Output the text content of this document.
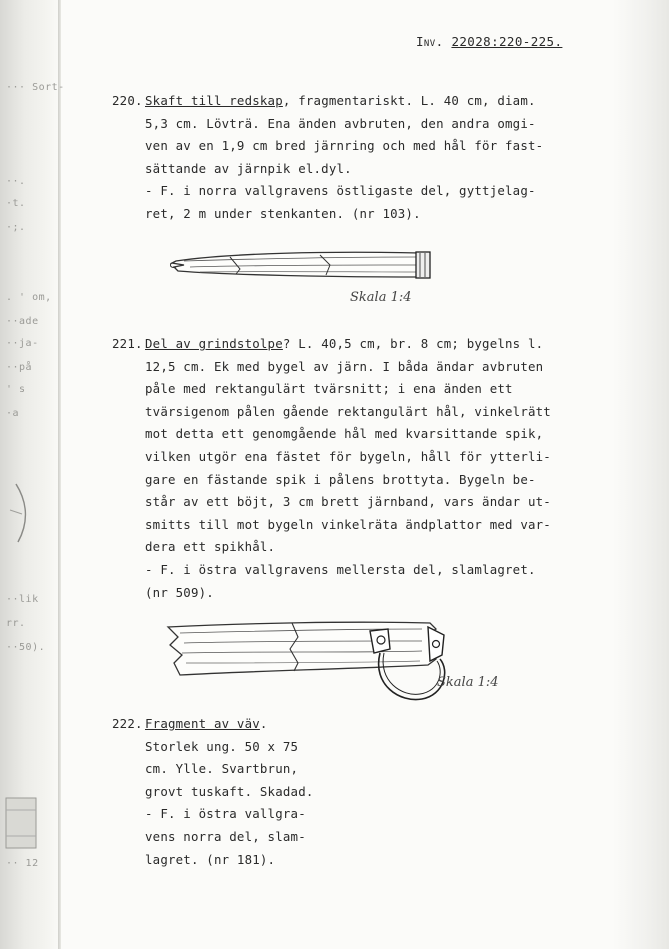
··· Sort-
··.
·t.
·;.
. ' om,
··ade
··ja-
··på
' s
·a
··lik
rr.
··50).
·· 12
Inv. 22028:220-225.
220. Skaft till redskap, fragmentariskt. L. 40 cm, diam.
5,3 cm. Lövträ. Ena änden avbruten, den andra omgi-
ven av en 1,9 cm bred järnring och med hål för fast-
sättande av järnpik el.dyl.
- F. i norra vallgravens östligaste del, gyttjelag-
ret, 2 m under stenkanten. (nr 103).
Skala 1:4
221. Del av grindstolpe? L. 40,5 cm, br. 8 cm; bygelns l.
12,5 cm. Ek med bygel av järn. I båda ändar avbruten
påle med rektangulärt tvärsnitt; i ena änden ett
tvärsigenom pålen gående rektangulärt hål, vinkelrätt
mot detta ett genomgående hål med kvarsittande spik,
vilken utgör ena fästet för bygeln, håll för ytterli-
gare en fästande spik i pålens brottyta. Bygeln be-
står av ett böjt, 3 cm brett järnband, vars ändar ut-
smitts till mot bygeln vinkelräta ändplattor med var-
dera ett spikhål.
- F. i östra vallgravens mellersta del, slamlagret.
(nr 509).
Skala 1:4
222. Fragment av väv.
Storlek ung. 50 x 75
cm. Ylle. Svartbrun,
grovt tuskaft. Skadad.
- F. i östra vallgra-
vens norra del, slam-
lagret. (nr 181).
